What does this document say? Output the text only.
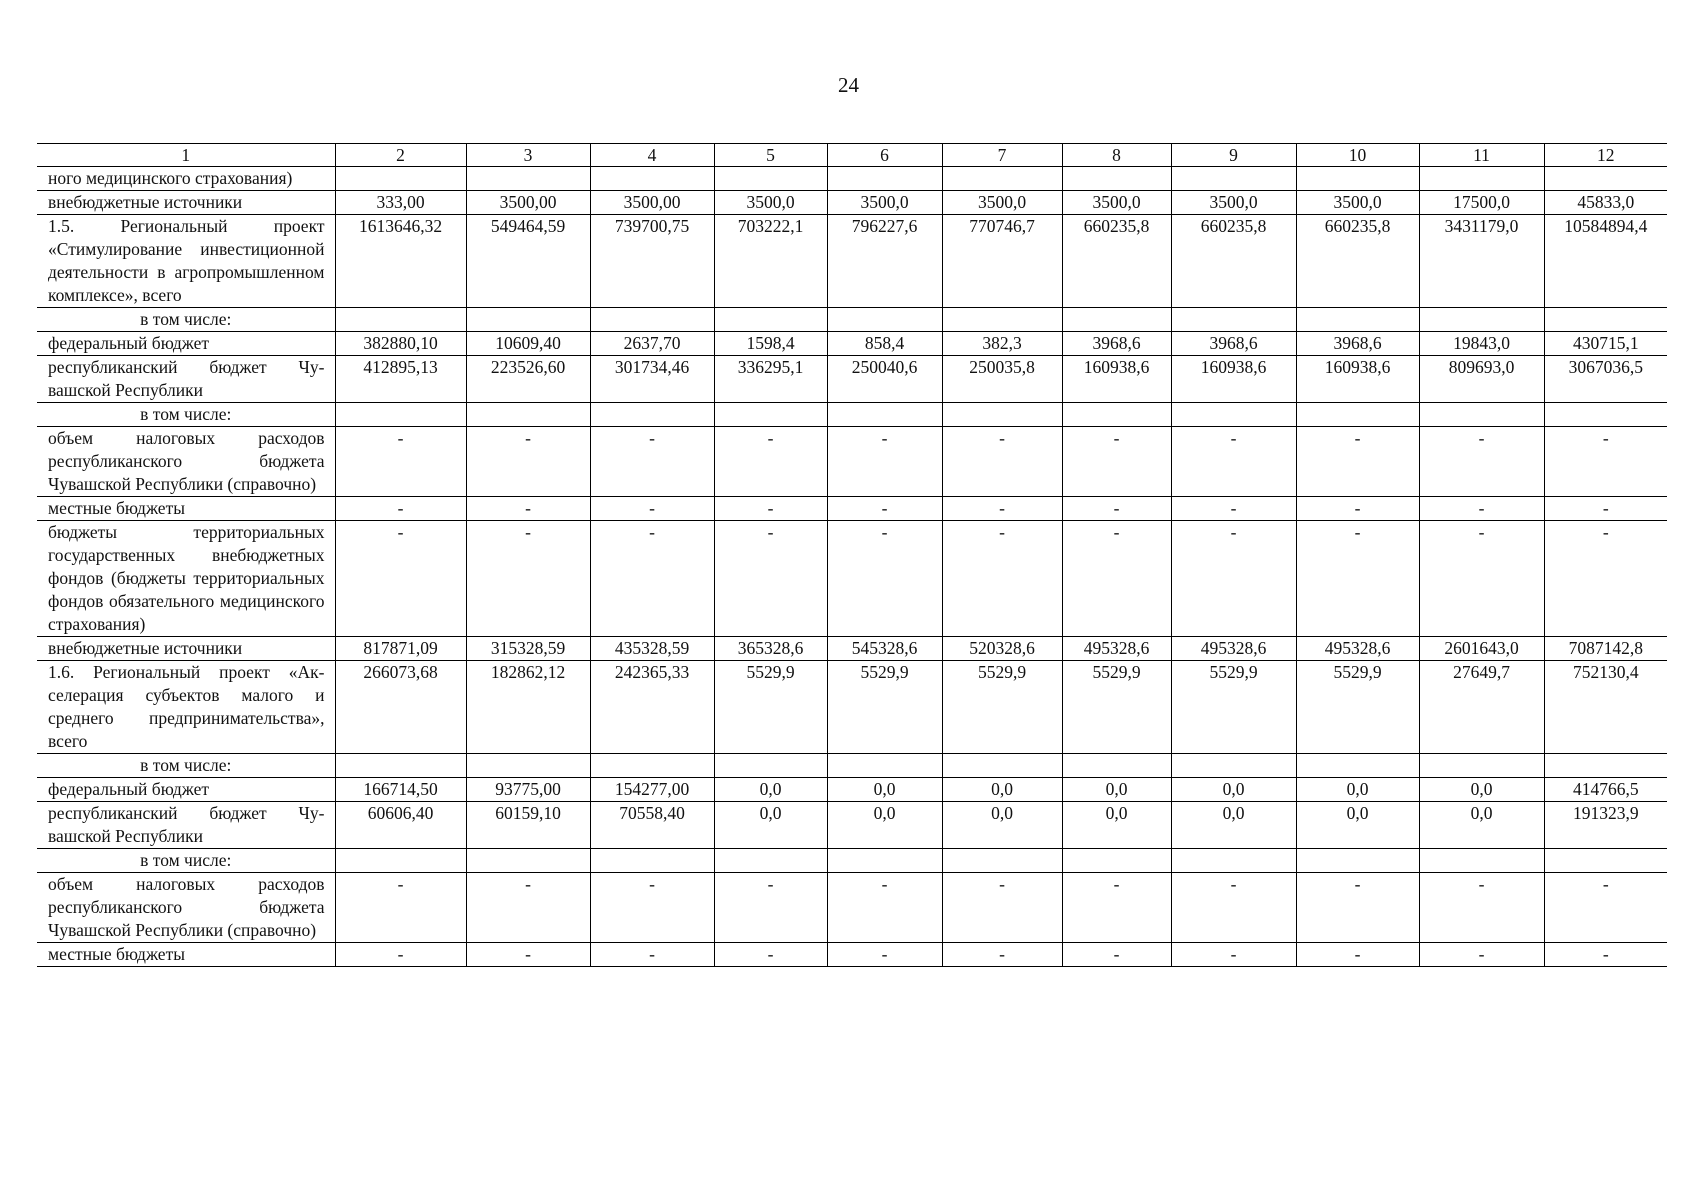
24
1	2	3	4	5	6	7	8	9	10	11	12
ного медицинского страхования)											
внебюджетные источники	333,00	3500,00	3500,00	3500,0	3500,0	3500,0	3500,0	3500,0	3500,0	17500,0	45833,0
1.5. Региональный проект «Стимулирование инвестиционной деятельности в агропромышленном комплексе», всего	1613646,32	549464,59	739700,75	703222,1	796227,6	770746,7	660235,8	660235,8	660235,8	3431179,0	10584894,4
в том числе:											
федеральный бюджет	382880,10	10609,40	2637,70	1598,4	858,4	382,3	3968,6	3968,6	3968,6	19843,0	430715,1
республиканский бюджет Чувашской Республики	412895,13	223526,60	301734,46	336295,1	250040,6	250035,8	160938,6	160938,6	160938,6	809693,0	3067036,5
в том числе:											
объем налоговых расходов республиканского бюджета Чувашской Республики (справочно)	-	-	-	-	-	-	-	-	-	-	-
местные бюджеты	-	-	-	-	-	-	-	-	-	-	-
бюджеты территориальных государственных внебюджетных фондов (бюджеты территориальных фондов обязательного медицинского страхования)	-	-	-	-	-	-	-	-	-	-	-
внебюджетные источники	817871,09	315328,59	435328,59	365328,6	545328,6	520328,6	495328,6	495328,6	495328,6	2601643,0	7087142,8
1.6. Региональный проект «Акселерация субъектов малого и среднего предпринимательства», всего	266073,68	182862,12	242365,33	5529,9	5529,9	5529,9	5529,9	5529,9	5529,9	27649,7	752130,4
в том числе:											
федеральный бюджет	166714,50	93775,00	154277,00	0,0	0,0	0,0	0,0	0,0	0,0	0,0	414766,5
республиканский бюджет Чувашской Республики	60606,40	60159,10	70558,40	0,0	0,0	0,0	0,0	0,0	0,0	0,0	191323,9
в том числе:											
объем налоговых расходов республиканского бюджета Чувашской Республики (справочно)	-	-	-	-	-	-	-	-	-	-	-
местные бюджеты	-	-	-	-	-	-	-	-	-	-	-
